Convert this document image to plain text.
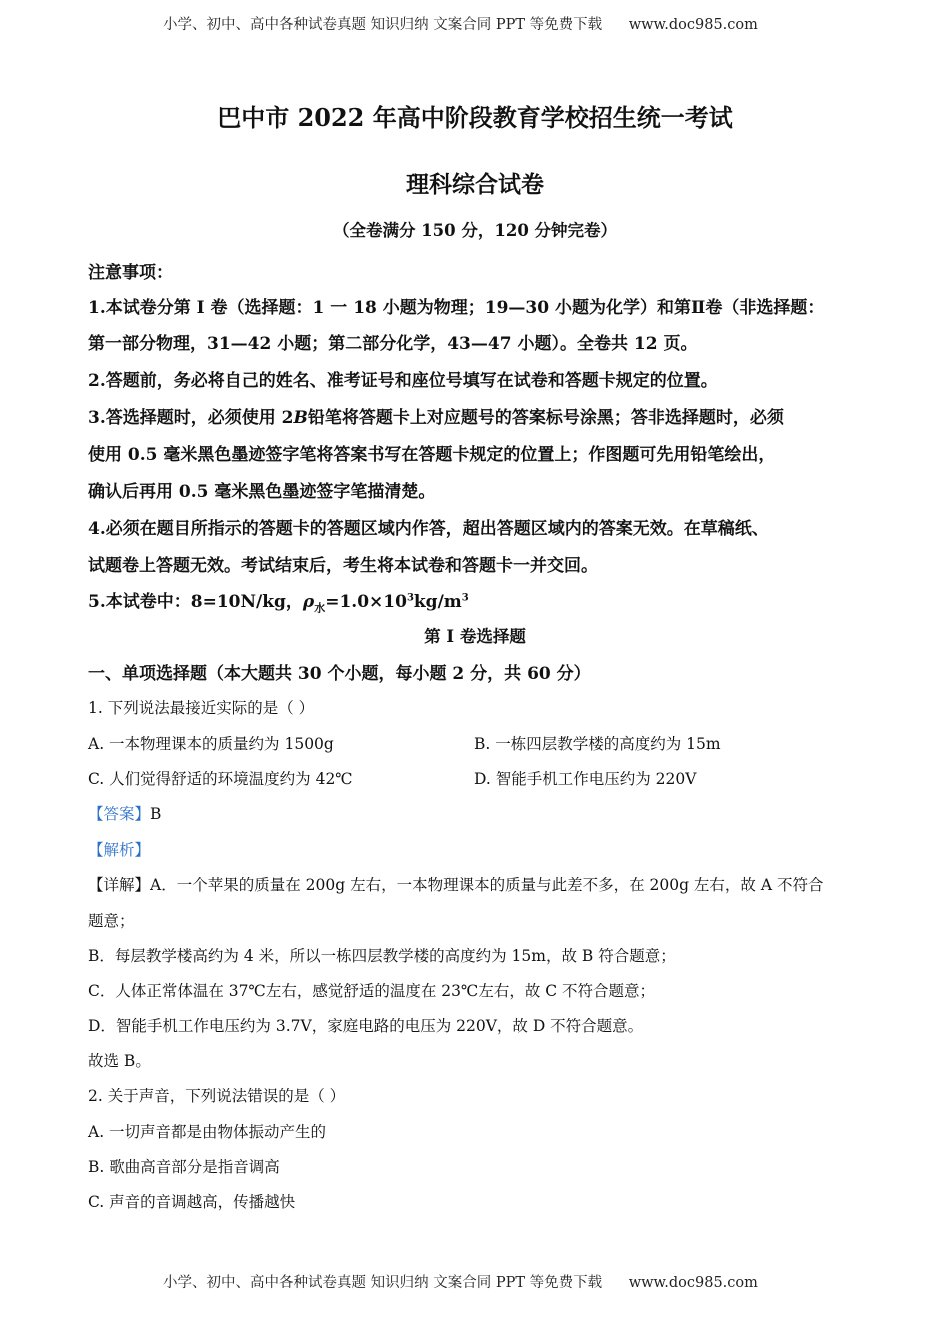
小学、初中、高中各种试卷真题 知识归纳 文案合同 PPT 等免费下载 www.doc985.com
巴中市 2022 年高中阶段教育学校招生统一考试
理科综合试卷
（全卷满分 150 分，120 分钟完卷）
注意事项：
1.本试卷分第 I 卷（选择题：1 一 18 小题为物理；19—30 小题为化学）和第Ⅱ卷（非选择题：
第一部分物理，31—42 小题；第二部分化学，43—47 小题）。全卷共 12 页。
2.答题前，务必将自己的姓名、准考证号和座位号填写在试卷和答题卡规定的位置。
3.答选择题时，必须使用 2B铅笔将答题卡上对应题号的答案标号涂黑；答非选择题时，必须
使用 0.5 毫米黑色墨迹签字笔将答案书写在答题卡规定的位置上；作图题可先用铅笔绘出，
确认后再用 0.5 毫米黑色墨迹签字笔描清楚。
4.必须在题目所指示的答题卡的答题区域内作答，超出答题区域内的答案无效。在草稿纸、
试题卷上答题无效。考试结束后，考生将本试卷和答题卡一并交回。
5.本试卷中：8=10N/kg，$\rho_水=1.0\times 10^3kg/m^3$
第 I 卷选择题
一、单项选择题（本大题共 30 个小题，每小题 2 分，共 60 分）
1. 下列说法最接近实际的是（ ）
A. 一本物理课本的质量约为 1500g	B. 一栋四层教学楼的高度约为 15m
C. 人们觉得舒适的环境温度约为 42℃	D. 智能手机工作电压约为 220V
【答案】B
【解析】
【详解】A．一个苹果的质量在 200g 左右，一本物理课本的质量与此差不多，在 200g 左右，故 A 不符合
题意；
B．每层教学楼高约为 4 米，所以一栋四层教学楼的高度约为 15m，故 B 符合题意；
C．人体正常体温在 37℃左右，感觉舒适的温度在 23℃左右，故 C 不符合题意；
D．智能手机工作电压约为 3.7V，家庭电路的电压为 220V，故 D 不符合题意。
故选 B。
2. 关于声音，下列说法错误的是（ ）
A. 一切声音都是由物体振动产生的
B. 歌曲高音部分是指音调高
C. 声音的音调越高，传播越快
小学、初中、高中各种试卷真题 知识归纳 文案合同 PPT 等免费下载 www.doc985.com
